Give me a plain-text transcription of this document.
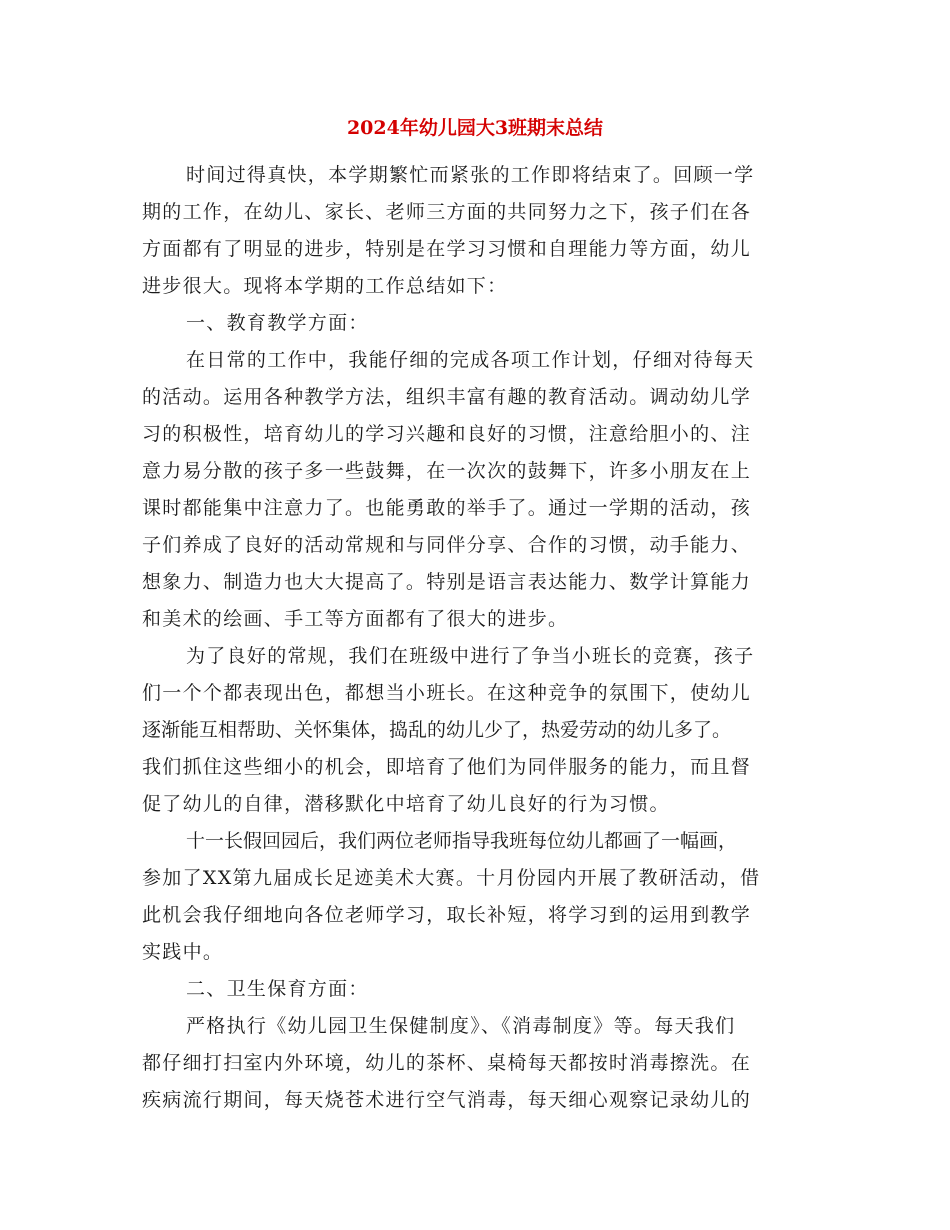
2024年幼儿园大3班期末总结
时间过得真快，本学期繁忙而紧张的工作即将结束了。回顾一学
期的工作，在幼儿、家长、老师三方面的共同努力之下，孩子们在各
方面都有了明显的进步，特别是在学习习惯和自理能力等方面，幼儿
进步很大。现将本学期的工作总结如下：
一、教育教学方面：
在日常的工作中，我能仔细的完成各项工作计划，仔细对待每天
的活动。运用各种教学方法，组织丰富有趣的教育活动。调动幼儿学
习的积极性，培育幼儿的学习兴趣和良好的习惯，注意给胆小的、注
意力易分散的孩子多一些鼓舞，在一次次的鼓舞下，许多小朋友在上
课时都能集中注意力了。也能勇敢的举手了。通过一学期的活动，孩
子们养成了良好的活动常规和与同伴分享、合作的习惯，动手能力、
想象力、制造力也大大提高了。特别是语言表达能力、数学计算能力
和美术的绘画、手工等方面都有了很大的进步。
为了良好的常规，我们在班级中进行了争当小班长的竞赛，孩子
们一个个都表现出色，都想当小班长。在这种竞争的氛围下，使幼儿
逐渐能互相帮助、关怀集体，捣乱的幼儿少了，热爱劳动的幼儿多了。
我们抓住这些细小的机会，即培育了他们为同伴服务的能力，而且督
促了幼儿的自律，潜移默化中培育了幼儿良好的行为习惯。
十一长假回园后，我们两位老师指导我班每位幼儿都画了一幅画，
参加了XX第九届成长足迹美术大赛。十月份园内开展了教研活动，借
此机会我仔细地向各位老师学习，取长补短，将学习到的运用到教学
实践中。
二、卫生保育方面：
严格执行《幼儿园卫生保健制度》、《消毒制度》等。每天我们
都仔细打扫室内外环境，幼儿的茶杯、桌椅每天都按时消毒擦洗。在
疾病流行期间，每天烧苍术进行空气消毒，每天细心观察记录幼儿的
